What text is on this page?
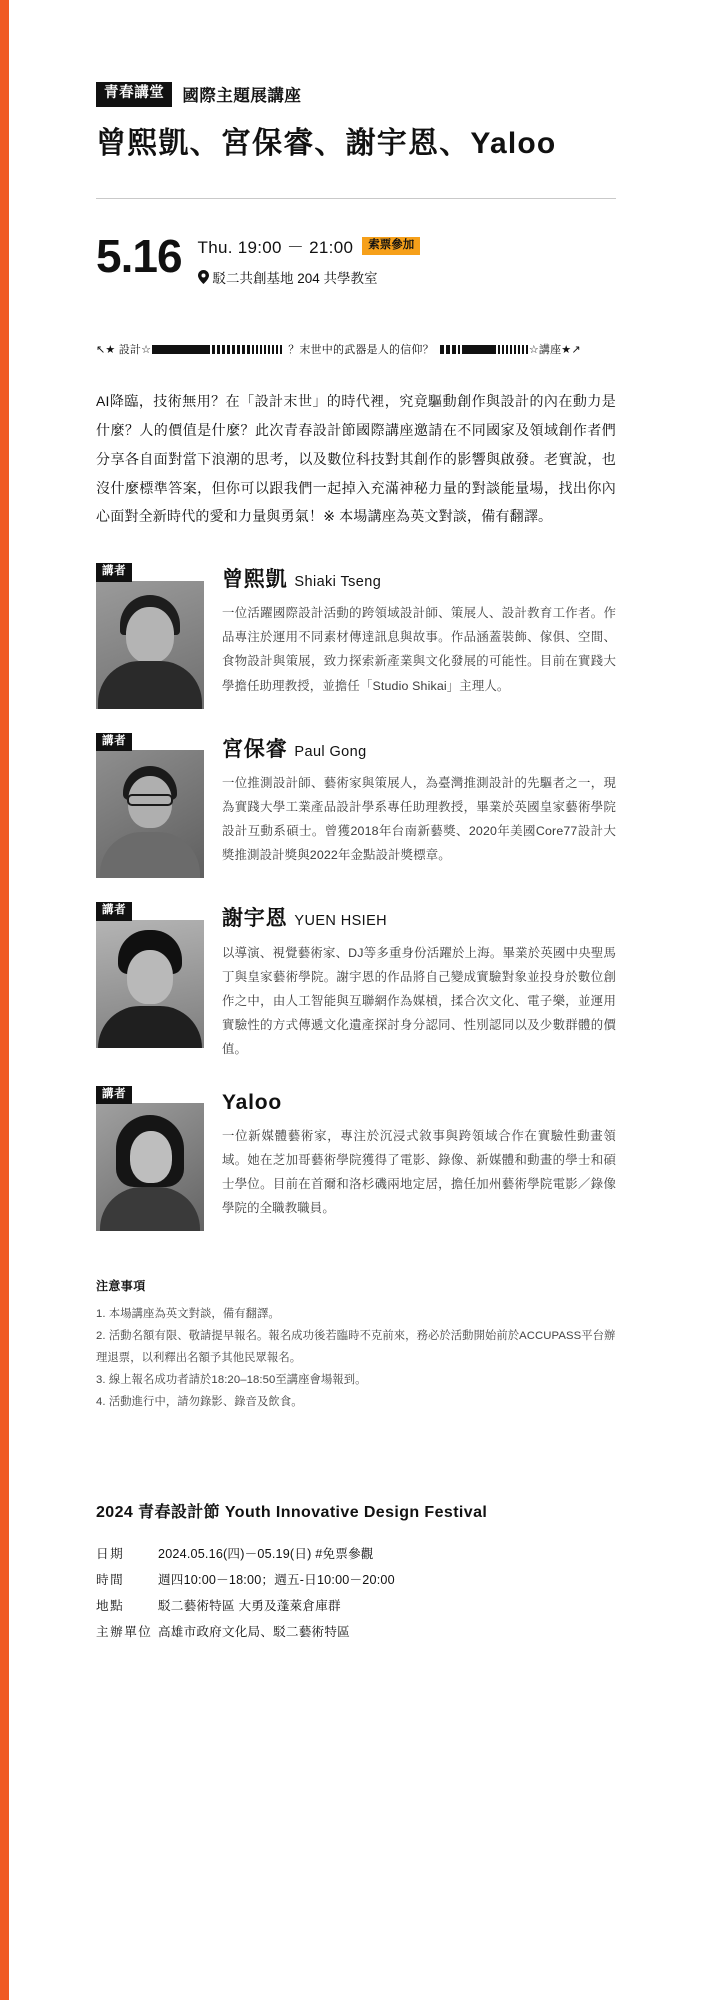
青春講堂	國際主題展講座
曾熙凱、宮保睿、謝宇恩、Yaloo
5.16 Thu. 19:00 － 21:00	索票參加
駁二共創基地 204 共學教室
↖★ 設計☆	？末世中的武器是人的信仰？	☆講座★↗

AI降臨，技術無用？在「設計末世」的時代裡，究竟驅動創作與設計的內在動力是什麼？人的價值是什麼？此次青春設計節國際講座邀請在不同國家及領域創作者們分享各自面對當下浪潮的思考，以及數位科技對其創作的影響與啟發。老實說，也沒什麼標準答案，但你可以跟我們一起掉入充滿神秘力量的對談能量場，找出你內心面對全新時代的愛和力量與勇氣！※ 本場講座為英文對談，備有翻譯。

講者	曾熙凱 Shiaki Tseng
一位活躍國際設計活動的跨領域設計師、策展人、設計教育工作者。作品專注於運用不同素材傳達訊息與故事。作品涵蓋裝飾、傢俱、空間、食物設計與策展，致力探索新產業與文化發展的可能性。目前在實踐大學擔任助理教授，並擔任「Studio Shikai」主理人。
講者	宮保睿 Paul Gong
一位推測設計師、藝術家與策展人，為臺灣推測設計的先驅者之一，現為實踐大學工業產品設計學系專任助理教授，畢業於英國皇家藝術學院設計互動系碩士。曾獲2018年台南新藝獎、2020年美國Core77設計大獎推測設計獎與2022年金點設計獎標章。
講者	謝宇恩 YUEN HSIEH
以導演、視覺藝術家、DJ等多重身份活躍於上海。畢業於英國中央聖馬丁與皇家藝術學院。謝宇恩的作品將自己變成實驗對象並投身於數位創作之中，由人工智能與互聯網作為媒槓，揉合次文化、電子樂，並運用實驗性的方式傳遞文化遺產探討身分認同、性別認同以及少數群體的價值。
講者	Yaloo
一位新媒體藝術家，專注於沉浸式敘事與跨領域合作在實驗性動畫領域。她在芝加哥藝術學院獲得了電影、錄像、新媒體和動畫的學士和碩士學位。目前在首爾和洛杉磯兩地定居，擔任加州藝術學院電影／錄像學院的全職教職員。
注意事項
1. 本場講座為英文對談，備有翻譯。
2. 活動名額有限、敬請提早報名。報名成功後若臨時不克前來，務必於活動開始前於ACCUPASS平台辦理退票，以利釋出名額予其他民眾報名。
3. 線上報名成功者請於18:20–18:50至講座會場報到。
4. 活動進行中，請勿錄影、錄音及飲食。
2024 青春設計節 Youth Innovative Design Festival
日期	2024.05.16(四)－05.19(日) #免票參觀
時間	週四10:00－18:00；週五-日10:00－20:00
地點	駁二藝術特區 大勇及蓬萊倉庫群
主辦單位 高雄市政府文化局、駁二藝術特區
